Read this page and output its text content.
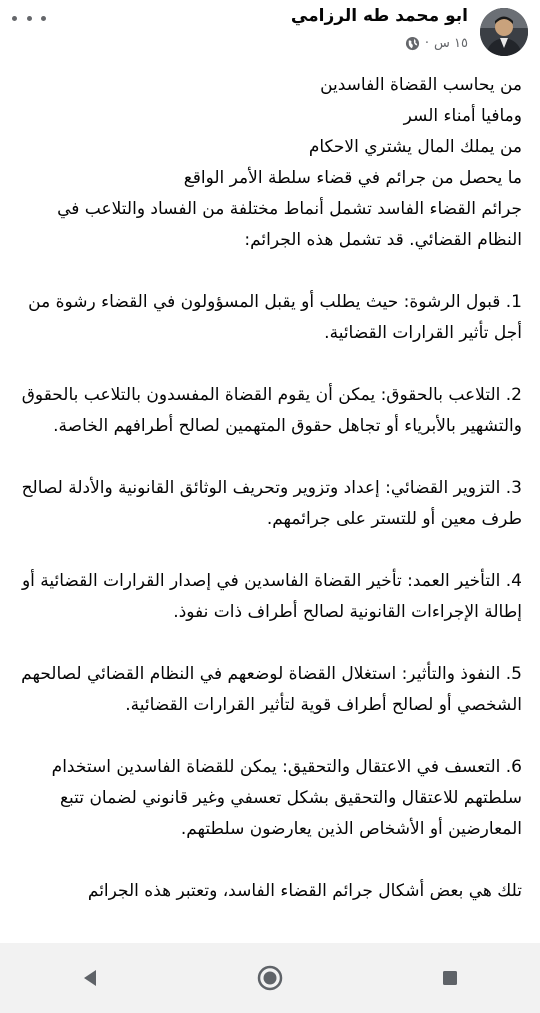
ابو محمد طه الرزامي
١٥ س
·

من يحاسب القضاة الفاسدين

ومافيا أمناء السر

من يملك المال يشتري الاحكام

ما يحصل من جرائم في قضاء سلطة الأمر الواقع

جرائم القضاء الفاسد تشمل أنماط مختلفة من الفساد والتلاعب في النظام القضائي. قد تشمل هذه الجرائم:

1. قبول الرشوة: حيث يطلب أو يقبل المسؤولون في القضاء رشوة من أجل تأثير القرارات القضائية.

2. التلاعب بالحقوق: يمكن أن يقوم القضاة المفسدون بالتلاعب بالحقوق والتشهير بالأبرياء أو تجاهل حقوق المتهمين لصالح أطرافهم الخاصة.

3. التزوير القضائي: إعداد وتزوير وتحريف الوثائق القانونية والأدلة لصالح طرف معين أو للتستر على جرائمهم.

4. التأخير العمد: تأخير القضاة الفاسدين في إصدار القرارات القضائية أو إطالة الإجراءات القانونية لصالح أطراف ذات نفوذ.

5. النفوذ والتأثير: استغلال القضاة لوضعهم في النظام القضائي لصالحهم الشخصي أو لصالح أطراف قوية لتأثير القرارات القضائية.

6. التعسف في الاعتقال والتحقيق: يمكن للقضاة الفاسدين استخدام سلطتهم للاعتقال والتحقيق بشكل تعسفي وغير قانوني لضمان تتبع المعارضين أو الأشخاص الذين يعارضون سلطتهم.

تلك هي بعض أشكال جرائم القضاء الفاسد، وتعتبر هذه الجرائم
